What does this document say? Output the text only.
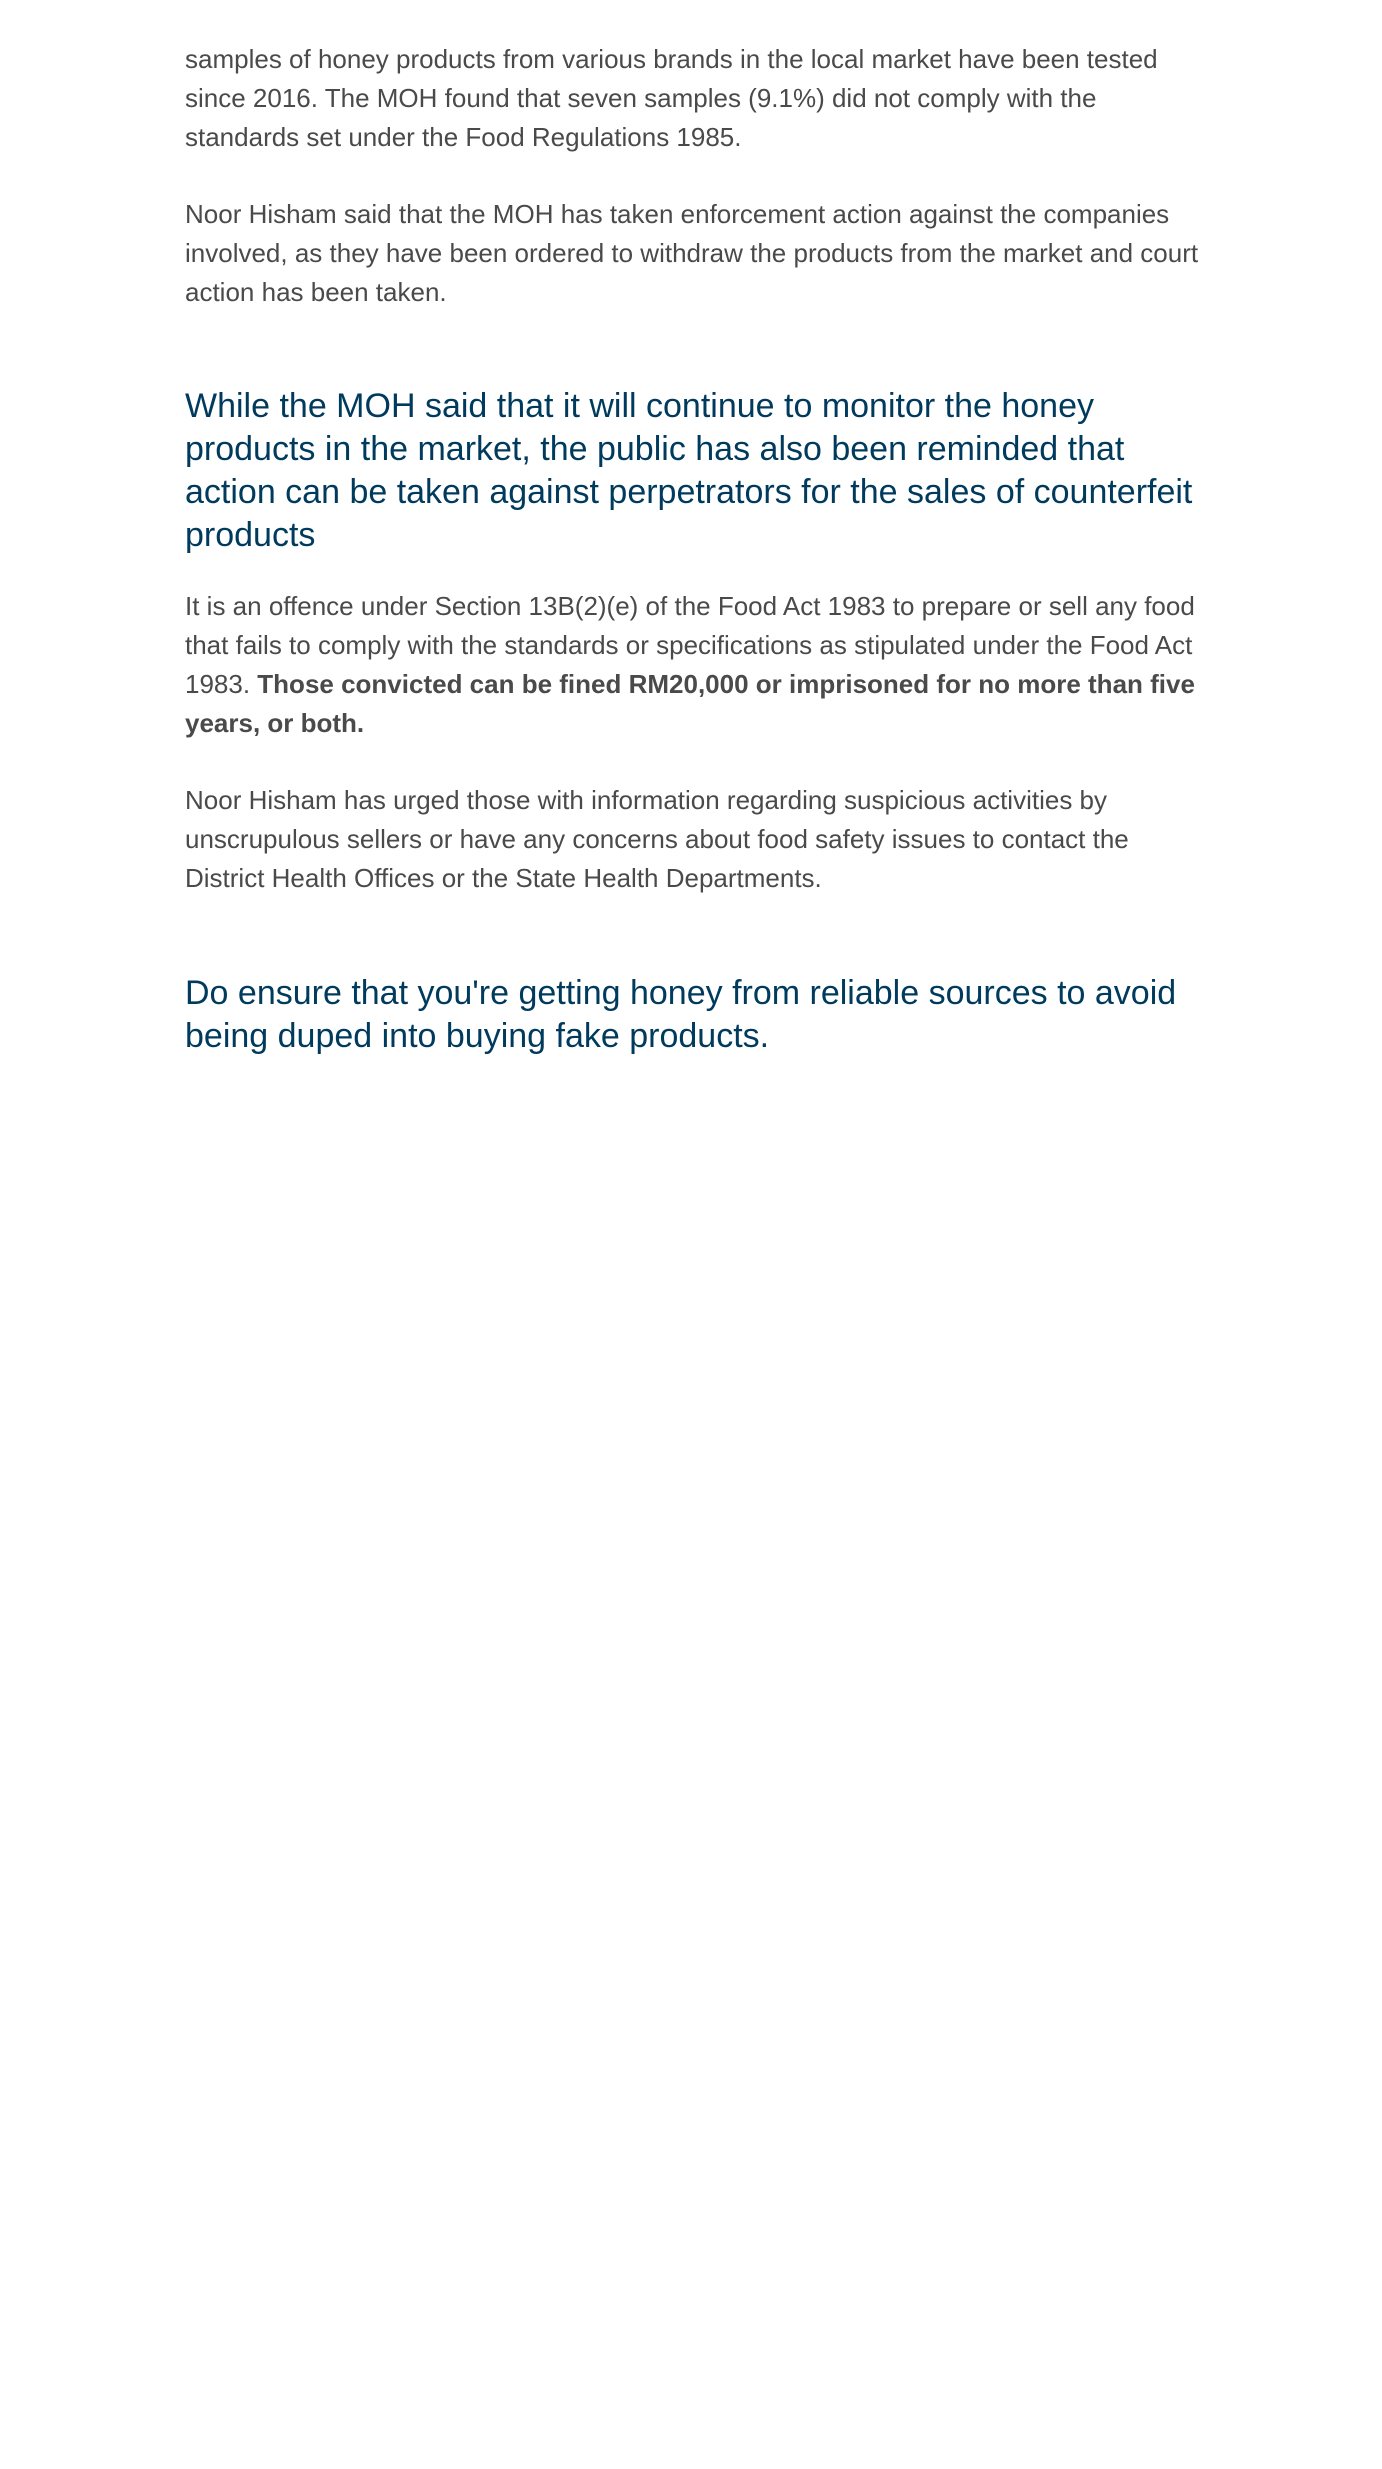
samples of honey products from various brands in the local market have been tested since 2016. The MOH found that seven samples (9.1%) did not comply with the standards set under the Food Regulations 1985.

Noor Hisham said that the MOH has taken enforcement action against the companies involved, as they have been ordered to withdraw the products from the market and court action has been taken.

While the MOH said that it will continue to monitor the honey products in the market, the public has also been reminded that action can be taken against perpetrators for the sales of counterfeit products

It is an offence under Section 13B(2)(e) of the Food Act 1983 to prepare or sell any food that fails to comply with the standards or specifications as stipulated under the Food Act 1983. Those convicted can be fined RM20,000 or imprisoned for no more than five years, or both.

Noor Hisham has urged those with information regarding suspicious activities by unscrupulous sellers or have any concerns about food safety issues to contact the District Health Offices or the State Health Departments.

Do ensure that you're getting honey from reliable sources to avoid being duped into buying fake products.
